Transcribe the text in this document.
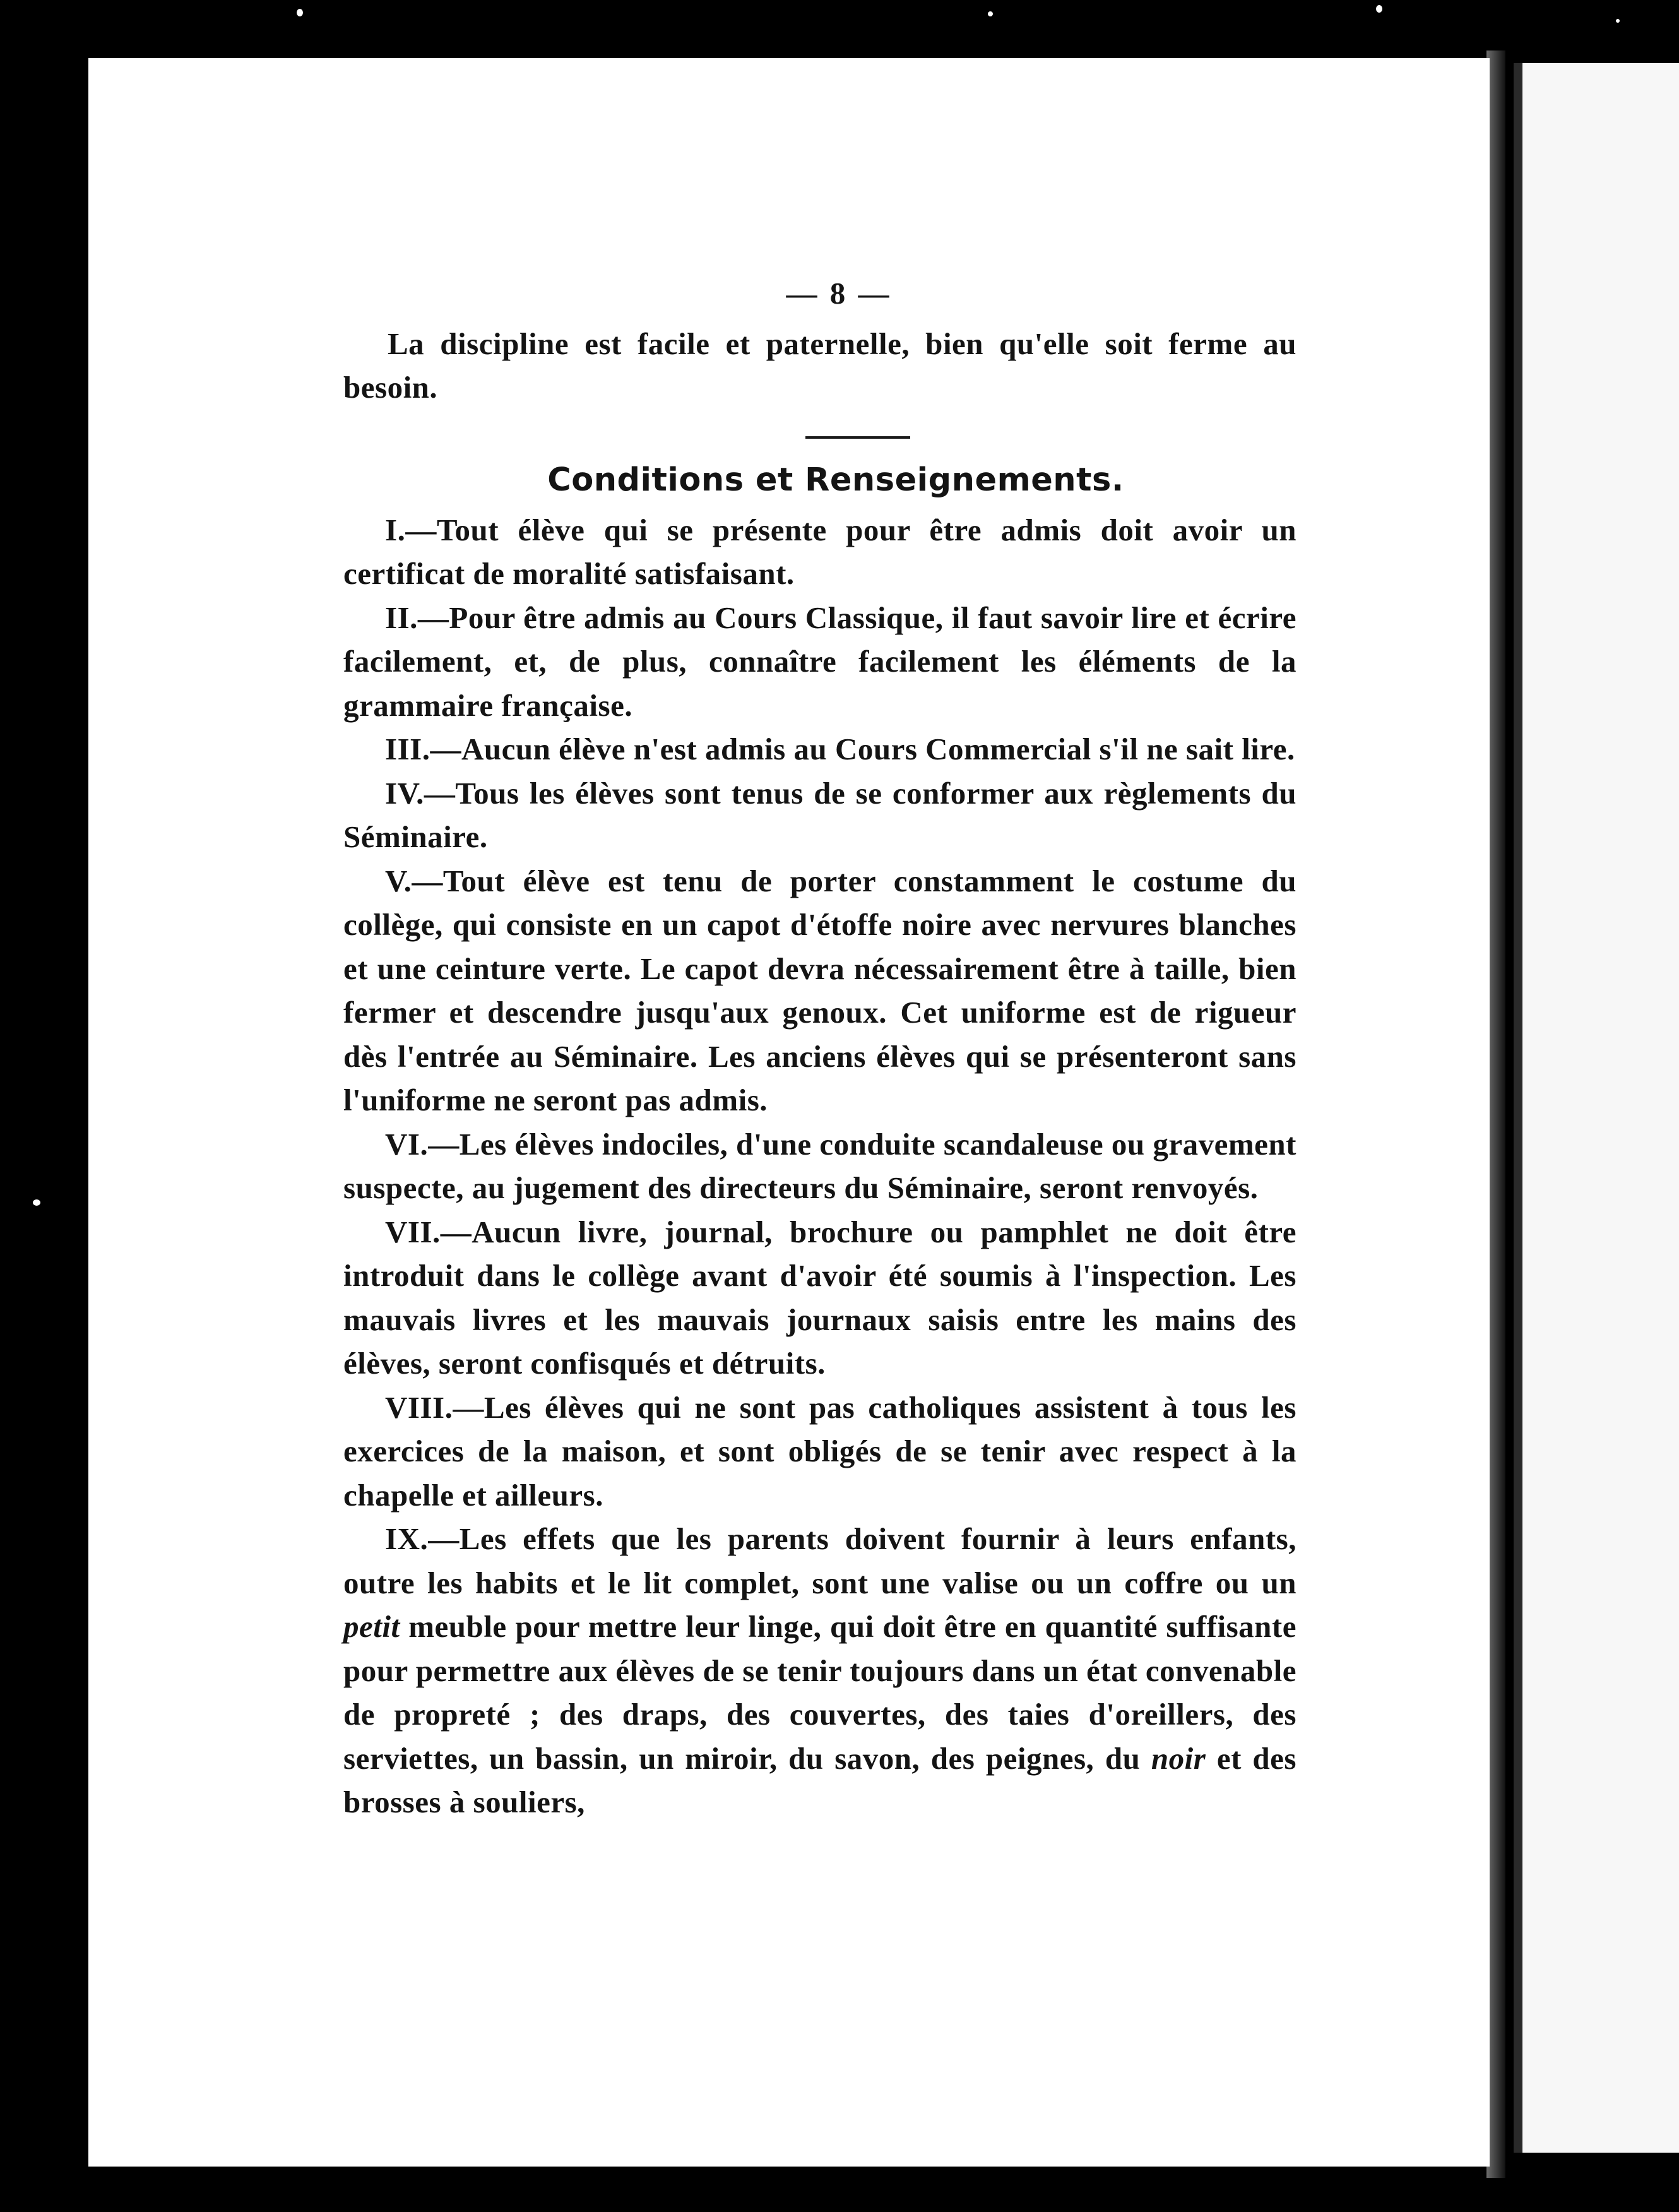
— 8 —

La discipline est facile et paternelle, bien qu'elle soit ferme au besoin.

Conditions et Renseignements.

I.—Tout élève qui se présente pour être admis doit avoir un certificat de moralité satisfaisant.

II.—Pour être admis au Cours Classique, il faut savoir lire et écrire facilement, et, de plus, connaître facilement les éléments de la grammaire française.

III.—Aucun élève n'est admis au Cours Commercial s'il ne sait lire.

IV.—Tous les élèves sont tenus de se conformer aux règlements du Séminaire.

V.—Tout élève est tenu de porter constamment le costume du collège, qui consiste en un capot d'étoffe noire avec nervures blanches et une ceinture verte. Le capot devra nécessairement être à taille, bien fermer et descendre jusqu'aux genoux. Cet uniforme est de rigueur dès l'entrée au Séminaire. Les anciens élèves qui se présenteront sans l'uniforme ne seront pas admis.

VI.—Les élèves indociles, d'une conduite scandaleuse ou gravement suspecte, au jugement des directeurs du Séminaire, seront renvoyés.

VII.—Aucun livre, journal, brochure ou pamphlet ne doit être introduit dans le collège avant d'avoir été soumis à l'inspection. Les mauvais livres et les mauvais journaux saisis entre les mains des élèves, seront confisqués et détruits.

VIII.—Les élèves qui ne sont pas catholiques assistent à tous les exercices de la maison, et sont obligés de se tenir avec respect à la chapelle et ailleurs.

IX.—Les effets que les parents doivent fournir à leurs enfants, outre les habits et le lit complet, sont une valise ou un coffre ou un petit meuble pour mettre leur linge, qui doit être en quantité suffisante pour permettre aux élèves de se tenir toujours dans un état convenable de propreté ; des draps, des couvertes, des taies d'oreillers, des serviettes, un bassin, un miroir, du savon, des peignes, du noir et des brosses à souliers,
